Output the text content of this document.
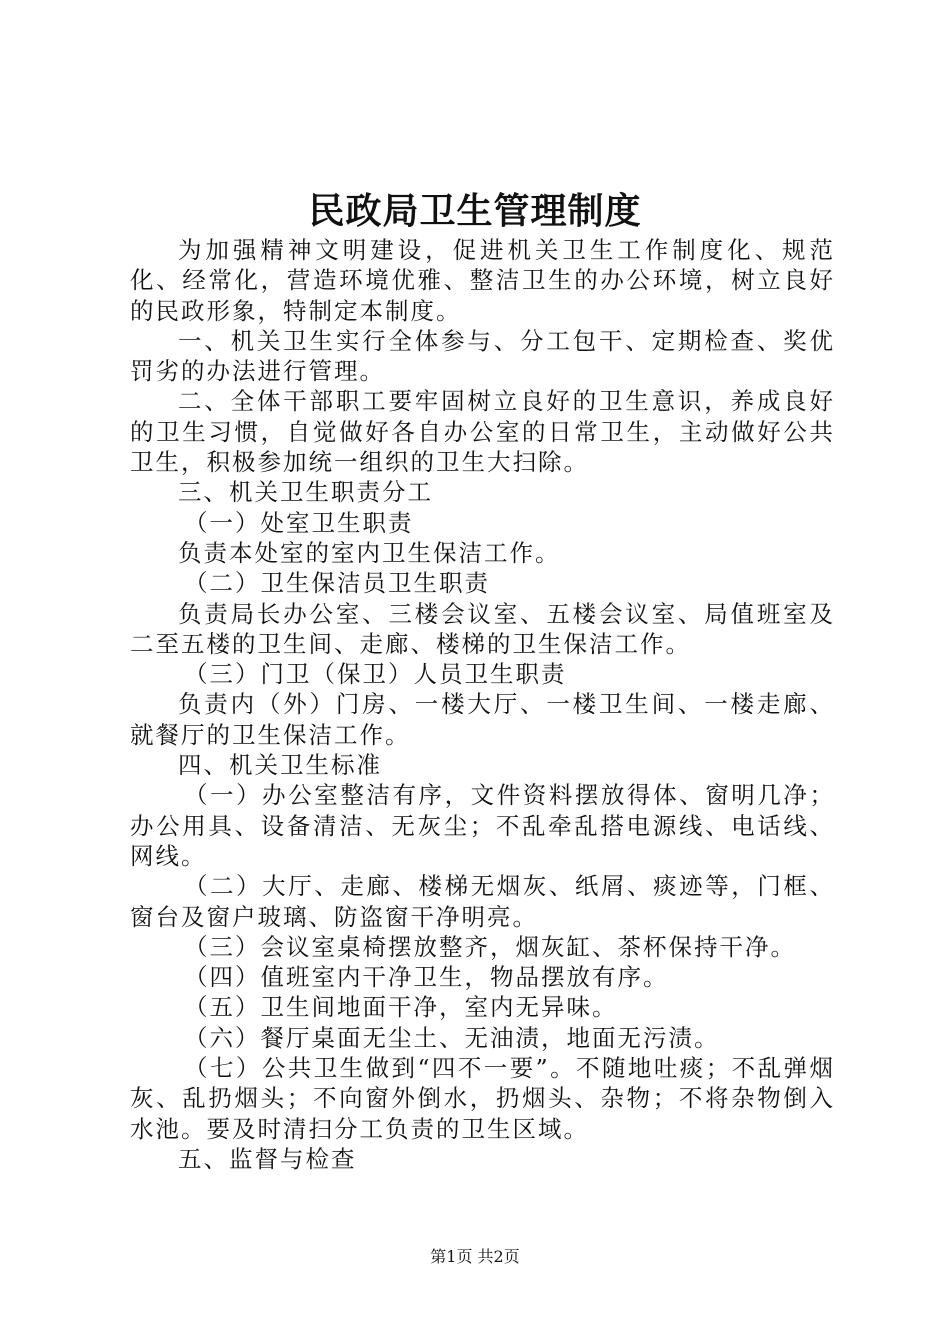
民政局卫生管理制度

为加强精神文明建设，促进机关卫生工作制度化、规范化、经常化，营造环境优雅、整洁卫生的办公环境，树立良好的民政形象，特制定本制度。

一、机关卫生实行全体参与、分工包干、定期检查、奖优罚劣的办法进行管理。

二、全体干部职工要牢固树立良好的卫生意识，养成良好的卫生习惯，自觉做好各自办公室的日常卫生，主动做好公共卫生，积极参加统一组织的卫生大扫除。

三、机关卫生职责分工

（一）处室卫生职责

负责本处室的室内卫生保洁工作。

（二）卫生保洁员卫生职责

负责局长办公室、三楼会议室、五楼会议室、局值班室及二至五楼的卫生间、走廊、楼梯的卫生保洁工作。

（三）门卫（保卫）人员卫生职责

负责内（外）门房、一楼大厅、一楼卫生间、一楼走廊、就餐厅的卫生保洁工作。

四、机关卫生标准

（一）办公室整洁有序，文件资料摆放得体、窗明几净；办公用具、设备清洁、无灰尘；不乱牵乱搭电源线、电话线、网线。

（二）大厅、走廊、楼梯无烟灰、纸屑、痰迹等，门框、窗台及窗户玻璃、防盗窗干净明亮。

（三）会议室桌椅摆放整齐，烟灰缸、茶杯保持干净。

（四）值班室内干净卫生，物品摆放有序。

（五）卫生间地面干净，室内无异味。

（六）餐厅桌面无尘土、无油渍，地面无污渍。

（七）公共卫生做到“四不一要”。不随地吐痰；不乱弹烟灰、乱扔烟头；不向窗外倒水，扔烟头、杂物；不将杂物倒入水池。要及时清扫分工负责的卫生区域。

五、监督与检查

第1页 共2页
